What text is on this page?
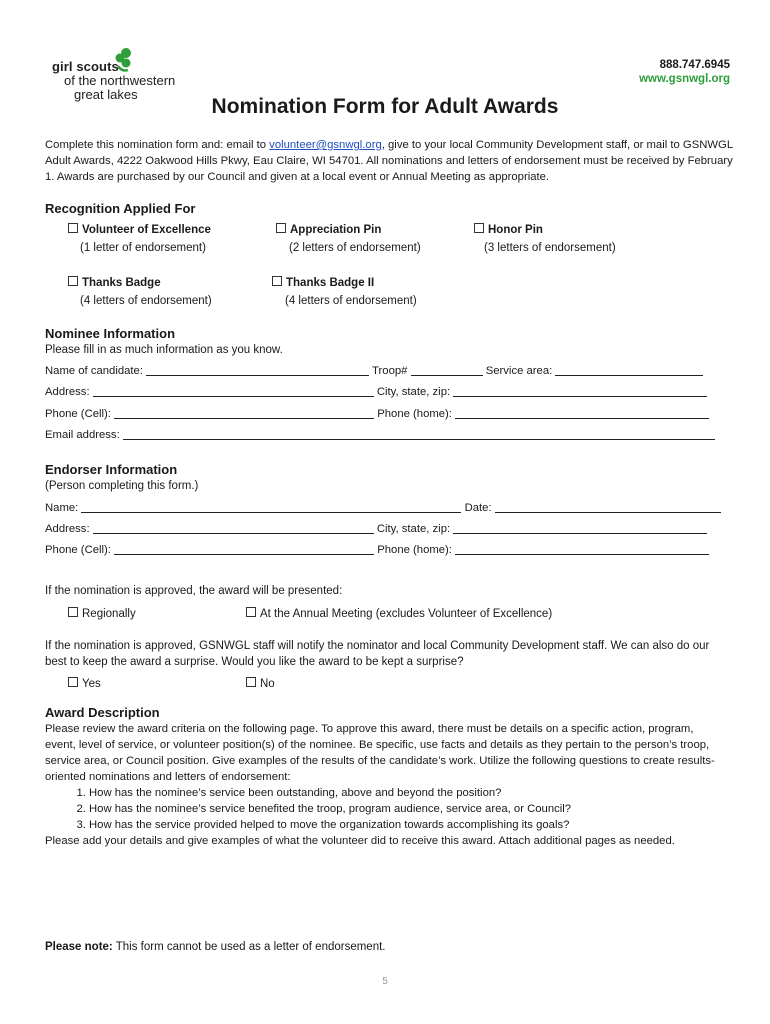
girl scouts
of the northwestern
great lakes
888.747.6945
www.gsnwgl.org
Nomination Form for Adult Awards
Complete this nomination form and: email to volunteer@gsnwgl.org, give to your local Community Development staff, or mail to GSNWGL Adult Awards, 4222 Oakwood Hills Pkwy, Eau Claire, WI 54701. All nominations and letters of endorsement must be received by February 1. Awards are purchased by our Council and given at a local event or Annual Meeting as appropriate.
Recognition Applied For
Volunteer of Excellence
(1 letter of endorsement)
Appreciation Pin
(2 letters of endorsement)
Honor Pin
(3 letters of endorsement)
Thanks Badge
(4 letters of endorsement)
Thanks Badge II
(4 letters of endorsement)
Nominee Information
Please fill in as much information as you know.
Name of candidate:	Troop#	Service area:
Address:	City, state, zip:
Phone (Cell):	Phone (home):
Email address:
Endorser Information
(Person completing this form.)
Name:	Date:
Address:	City, state, zip:
Phone (Cell):	Phone (home):
If the nomination is approved, the award will be presented:
Regionally	At the Annual Meeting (excludes Volunteer of Excellence)
If the nomination is approved, GSNWGL staff will notify the nominator and local Community Development staff. We can also do our best to keep the award a surprise. Would you like the award to be kept a surprise?
Yes	No
Award Description
Please review the award criteria on the following page. To approve this award, there must be details on a specific action, program, event, level of service, or volunteer position(s) of the nominee. Be specific, use facts and details as they pertain to the person’s troop, service area, or Council position. Give examples of the results of the candidate’s work. Utilize the following questions to create results-oriented nominations and letters of endorsement:
1. How has the nominee’s service been outstanding, above and beyond the position?
2. How has the nominee’s service benefited the troop, program audience, service area, or Council?
3. How has the service provided helped to move the organization towards accomplishing its goals?
Please add your details and give examples of what the volunteer did to receive this award. Attach additional pages as needed.
Please note: This form cannot be used as a letter of endorsement.
5
